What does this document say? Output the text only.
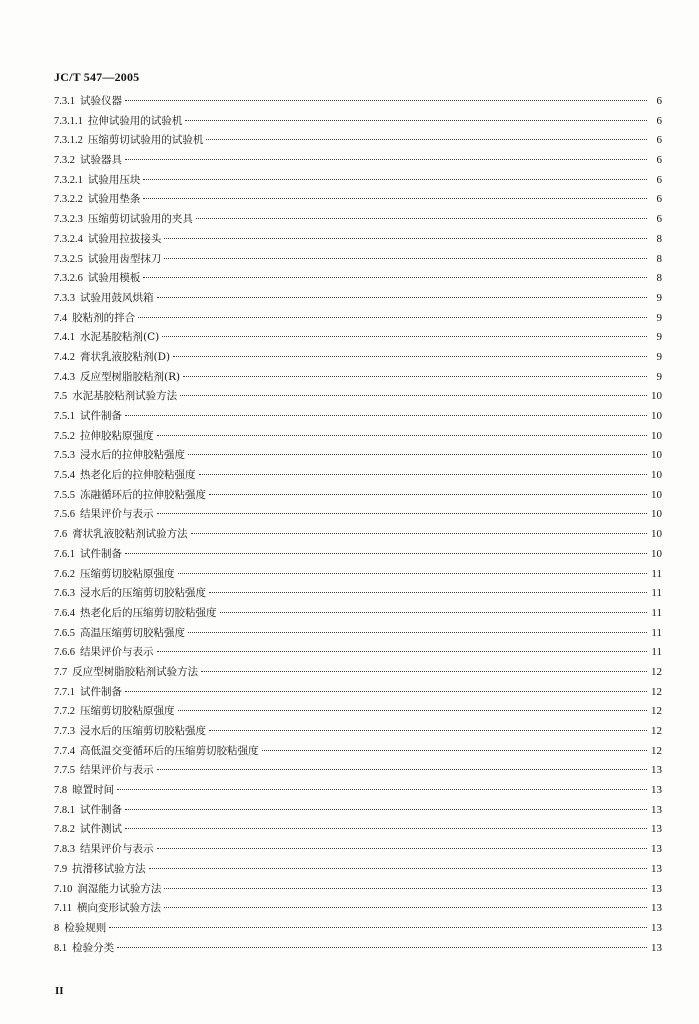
JC/T 547—2005
7.3.1 试验仪器	6
7.3.1.1 拉伸试验用的试验机	6
7.3.1.2 压缩剪切试验用的试验机	6
7.3.2 试验器具	6
7.3.2.1 试验用压块	6
7.3.2.2 试验用垫条	6
7.3.2.3 压缩剪切试验用的夹具	6
7.3.2.4 试验用拉拔接头	8
7.3.2.5 试验用齿型抹刀	8
7.3.2.6 试验用模板	8
7.3.3 试验用鼓风烘箱	9
7.4 胶粘剂的拌合	9
7.4.1 水泥基胶粘剂(C)	9
7.4.2 膏状乳液胶粘剂(D)	9
7.4.3 反应型树脂胶粘剂(R)	9
7.5 水泥基胶粘剂试验方法	10
7.5.1 试件制备	10
7.5.2 拉伸胶粘原强度	10
7.5.3 浸水后的拉伸胶粘强度	10
7.5.4 热老化后的拉伸胶粘强度	10
7.5.5 冻融循环后的拉伸胶粘强度	10
7.5.6 结果评价与表示	10
7.6 膏状乳液胶粘剂试验方法	10
7.6.1 试件制备	10
7.6.2 压缩剪切胶粘原强度	11
7.6.3 浸水后的压缩剪切胶粘强度	11
7.6.4 热老化后的压缩剪切胶粘强度	11
7.6.5 高温压缩剪切胶粘强度	11
7.6.6 结果评价与表示	11
7.7 反应型树脂胶粘剂试验方法	12
7.7.1 试件制备	12
7.7.2 压缩剪切胶粘原强度	12
7.7.3 浸水后的压缩剪切胶粘强度	12
7.7.4 高低温交变循环后的压缩剪切胶粘强度	12
7.7.5 结果评价与表示	13
7.8 晾置时间	13
7.8.1 试件制备	13
7.8.2 试件测试	13
7.8.3 结果评价与表示	13
7.9 抗滑移试验方法	13
7.10 润湿能力试验方法	13
7.11 横向变形试验方法	13
8 检验规则	13
8.1 检验分类	13
II
